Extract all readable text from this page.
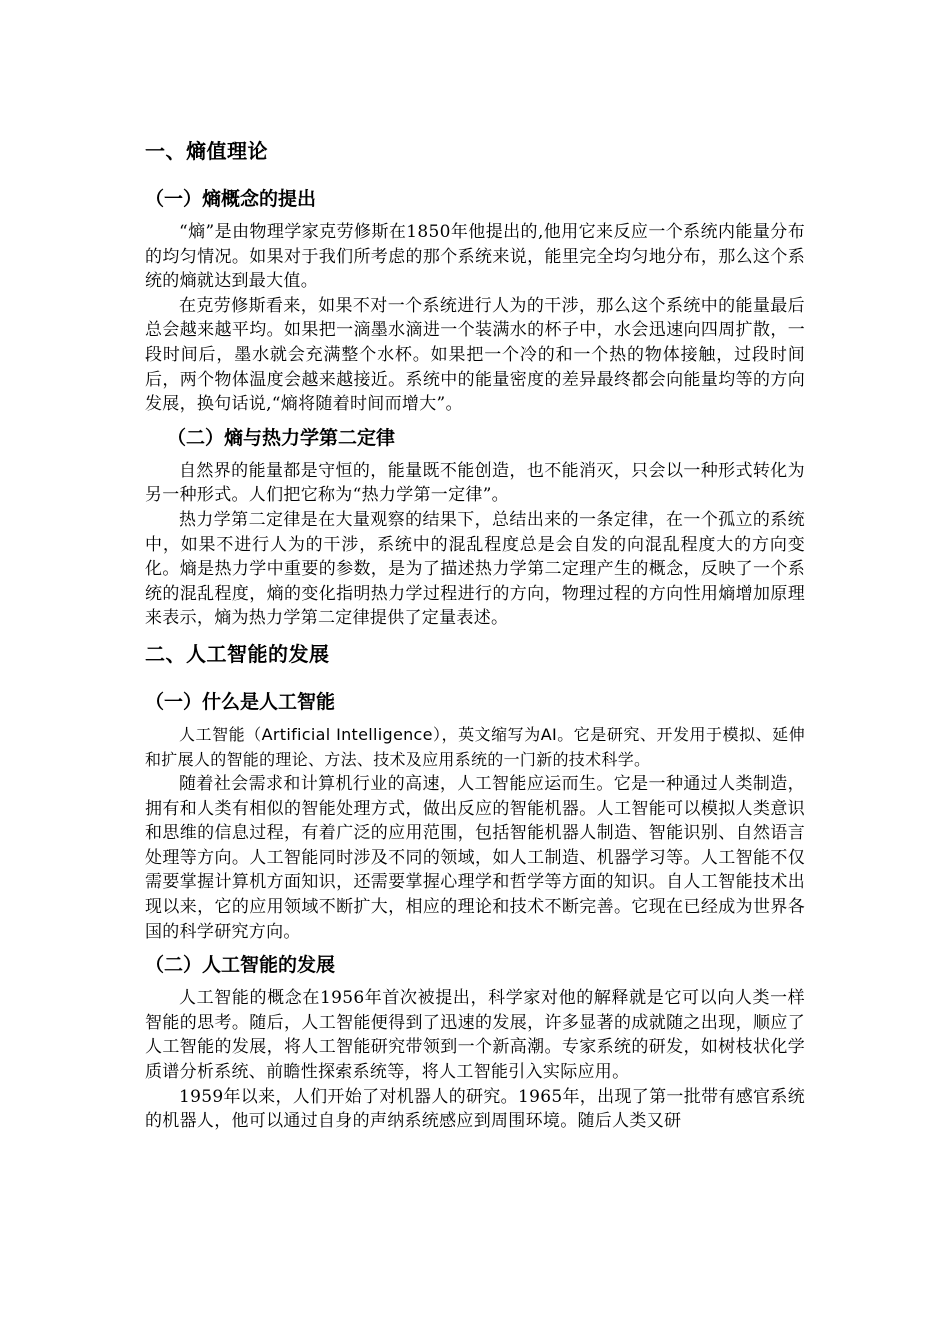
一、熵值理论
（一）熵概念的提出

“熵”是由物理学家克劳修斯在1850年他提出的,他用它来反应一个系统内能量分布的均匀情况。如果对于我们所考虑的那个系统来说，能里完全均匀地分布，那么这个系统的熵就达到最大值。

在克劳修斯看来，如果不对一个系统进行人为的干涉，那么这个系统中的能量最后总会越来越平均。如果把一滴墨水滴进一个装满水的杯子中，水会迅速向四周扩散，一段时间后，墨水就会充满整个水杯。如果把一个冷的和一个热的物体接触，过段时间后，两个物体温度会越来越接近。系统中的能量密度的差异最终都会向能量均等的方向发展，换句话说,“熵将随着时间而增大”。

（二）熵与热力学第二定律

自然界的能量都是守恒的，能量既不能创造，也不能消灭，只会以一种形式转化为另一种形式。人们把它称为“热力学第一定律”。

热力学第二定律是在大量观察的结果下，总结出来的一条定律，在一个孤立的系统中，如果不进行人为的干涉，系统中的混乱程度总是会自发的向混乱程度大的方向变化。熵是热力学中重要的参数，是为了描述热力学第二定理产生的概念，反映了一个系统的混乱程度，熵的变化指明热力学过程进行的方向，物理过程的方向性用熵增加原理来表示，熵为热力学第二定律提供了定量表述。

二、人工智能的发展
（一）什么是人工智能

人工智能（Artificial Intelligence），英文缩写为AI。它是研究、开发用于模拟、延伸和扩展人的智能的理论、方法、技术及应用系统的一门新的技术科学。

随着社会需求和计算机行业的高速，人工智能应运而生。它是一种通过人类制造，拥有和人类有相似的智能处理方式，做出反应的智能机器。人工智能可以模拟人类意识和思维的信息过程，有着广泛的应用范围，包括智能机器人制造、智能识别、自然语言处理等方向。人工智能同时涉及不同的领域，如人工制造、机器学习等。人工智能不仅需要掌握计算机方面知识，还需要掌握心理学和哲学等方面的知识。自人工智能技术出现以来，它的应用领域不断扩大，相应的理论和技术不断完善。它现在已经成为世界各国的科学研究方向。

（二）人工智能的发展

人工智能的概念在1956年首次被提出，科学家对他的解释就是它可以向人类一样智能的思考。随后，人工智能便得到了迅速的发展，许多显著的成就随之出现，顺应了人工智能的发展，将人工智能研究带领到一个新高潮。专家系统的研发，如树枝状化学质谱分析系统、前瞻性探索系统等，将人工智能引入实际应用。

1959年以来，人们开始了对机器人的研究。1965年，出现了第一批带有感官系统的机器人，他可以通过自身的声纳系统感应到周围环境。随后人类又研
